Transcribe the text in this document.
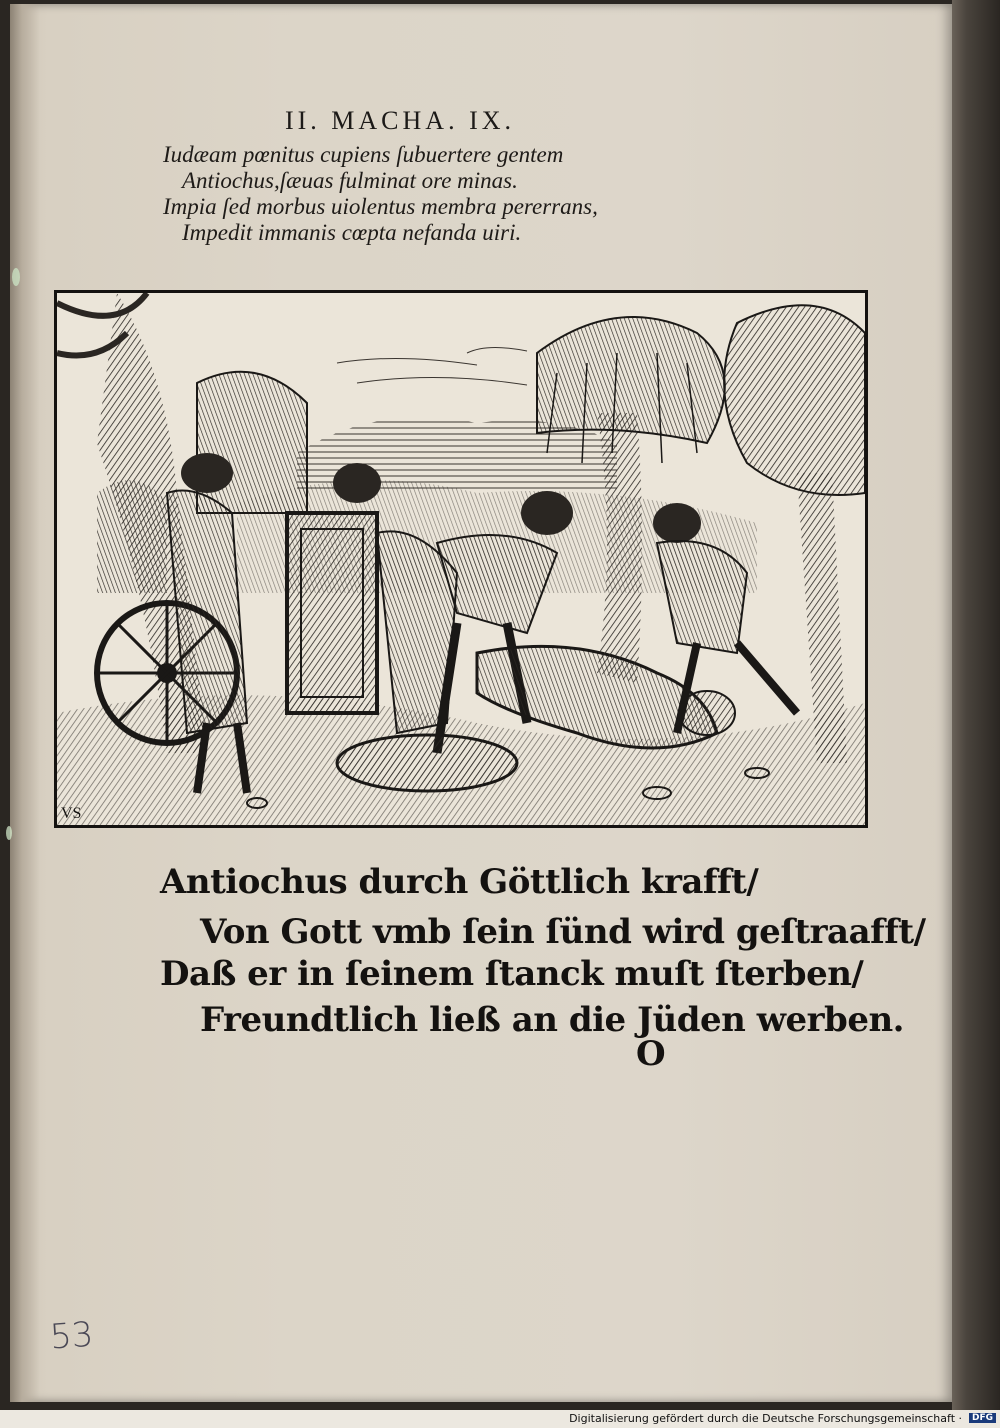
II. MACHA. IX.
Iudæam pœnitus cupiens ſubuertere gentem
Antiochus,ſæuas fulminat ore minas.
Impia ſed morbus uiolentus membra pererrans,
Impedit immanis cœpta nefanda uiri.
VS
Antiochus durch Göttlich krafft/
Von Gott vmb ſein ſünd wird geſtraafft/
Daß er in ſeinem ſtanck muſt ſterben/
Freundtlich ließ an die Jüden werben.
O
53
Digitalisierung gefördert durch die Deutsche Forschungsgemeinschaft ·	DFG
